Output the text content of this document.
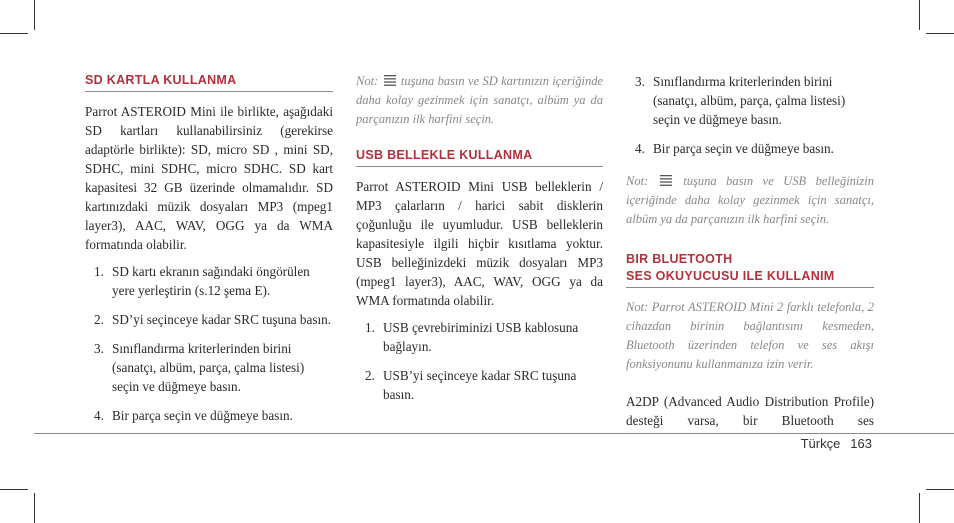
SD KARTLA KULLANMA

Parrot ASTEROID Mini ile birlikte, aşağıdaki SD kartları kullanabilirsiniz (gerekirse adaptörle birlikte): SD, micro SD , mini SD, SDHC, mini SDHC, micro SDHC. SD kart kapasitesi 32 GB üzerinde olmamalıdır. SD kartınızdaki müzik dosyaları MP3 (mpeg1 layer3), AAC, WAV, OGG ya da WMA formatında olabilir.

1. SD kartı ekranın sağındaki öngörülen yere yerleştirin (s.12 şema E).
2. SD’yi seçinceye kadar SRC tuşuna basın.
3. Sınıflandırma kriterlerinden birini (sanatçı, albüm, parça, çalma listesi) seçin ve düğmeye basın.
4. Bir parça seçin ve düğmeye basın.

Not: tuşuna basın ve SD kartınızın içeriğinde daha kolay gezinmek için sanatçı, albüm ya da parçanızın ilk harfini seçin.

USB BELLEKLE KULLANMA

Parrot ASTEROID Mini USB belleklerin / MP3 çalarların / harici sabit disklerin çoğunluğu ile uyumludur. USB belleklerin kapasitesiyle ilgili hiçbir kısıtlama yoktur. USB belleğinizdeki müzik dosyaları MP3 (mpeg1 layer3), AAC, WAV, OGG ya da WMA formatında olabilir.

1. USB çevrebiriminizi USB kablosuna bağlayın.
2. USB’yi seçinceye kadar SRC tuşuna basın.
3. Sınıflandırma kriterlerinden birini (sanatçı, albüm, parça, çalma listesi) seçin ve düğmeye basın.
4. Bir parça seçin ve düğmeye basın.

Not:	tuşuna basın ve USB belleğinizin içeriğinde daha kolay gezinmek için sanatçı, albüm ya da parçanızın ilk harfini seçin.

BIR BLUETOOTH
SES OKUYUCUSU ILE KULLANIM

Not: Parrot ASTEROID Mini 2 farklı telefonla, 2 cihazdan birinin bağlantısını kesmeden, Bluetooth üzerinden telefon ve ses akışı fonksiyonunu kullanmanıza izin verir.

A2DP (Advanced Audio Distribution Profile) desteği varsa, bir Bluetooth ses

Türkçe 163
